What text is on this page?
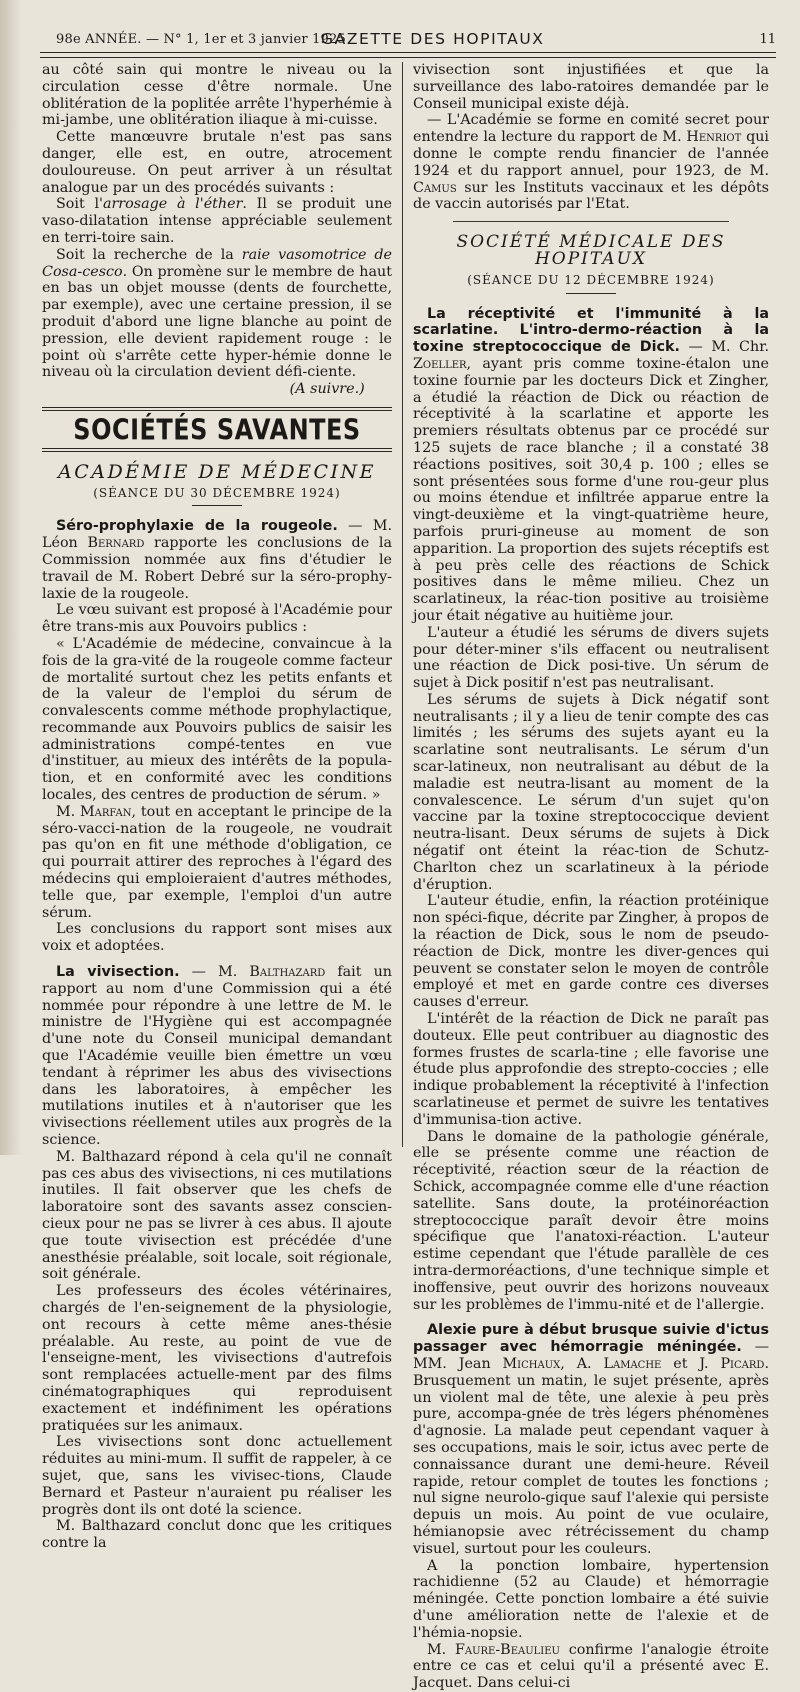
98e ANNÉE. — N° 1, 1er et 3 janvier 1925
GAZETTE DES HOPITAUX	11

au côté sain qui montre le niveau ou la circulation cesse d'être normale. Une oblitération de la poplitée arrête l'hyperhémie à mi-jambe, une oblitération iliaque à mi-cuisse.

Cette manœuvre brutale n'est pas sans danger, elle est, en outre, atrocement douloureuse. On peut arriver à un résultat analogue par un des procédés suivants :

Soit l'arrosage à l'éther. Il se produit une vaso-dilatation intense appréciable seulement en terri-toire sain.

Soit la recherche de la raie vasomotrice de Cosa-cesco. On promène sur le membre de haut en bas un objet mousse (dents de fourchette, par exemple), avec une certaine pression, il se produit d'abord une ligne blanche au point de pression, elle devient rapidement rouge : le point où s'arrête cette hyper-hémie donne le niveau où la circulation devient défi-ciente.

(A suivre.)

SOCIÉTÉS SAVANTES
ACADÉMIE DE MÉDECINE
(SÉANCE DU 30 DÉCEMBRE 1924)

Séro-prophylaxie de la rougeole. — M. Léon Bernard rapporte les conclusions de la Commission nommée aux fins d'étudier le travail de M. Robert Debré sur la séro-prophy-laxie de la rougeole.

Le vœu suivant est proposé à l'Académie pour être trans-mis aux Pouvoirs publics :

« L'Académie de médecine, convaincue à la fois de la gra-vité de la rougeole comme facteur de mortalité surtout chez les petits enfants et de la valeur de l'emploi du sérum de convalescents comme méthode prophylactique, recommande aux Pouvoirs publics de saisir les administrations compé-tentes en vue d'instituer, au mieux des intérêts de la popula-tion, et en conformité avec les conditions locales, des centres de production de sérum. »

M. Marfan, tout en acceptant le principe de la séro-vacci-nation de la rougeole, ne voudrait pas qu'on en fit une méthode d'obligation, ce qui pourrait attirer des reproches à l'égard des médecins qui emploieraient d'autres méthodes, telle que, par exemple, l'emploi d'un autre sérum.

Les conclusions du rapport sont mises aux voix et adoptées.

La vivisection. — M. Balthazard fait un rapport au nom d'une Commission qui a été nommée pour répondre à une lettre de M. le ministre de l'Hygiène qui est accompagnée d'une note du Conseil municipal demandant que l'Académie veuille bien émettre un vœu tendant à réprimer les abus des vivisections dans les laboratoires, à empêcher les mutilations inutiles et à n'autoriser que les vivisections réellement utiles aux progrès de la science.

M. Balthazard répond à cela qu'il ne connaît pas ces abus des vivisections, ni ces mutilations inutiles. Il fait observer que les chefs de laboratoire sont des savants assez conscien-cieux pour ne pas se livrer à ces abus. Il ajoute que toute vivisection est précédée d'une anesthésie préalable, soit locale, soit régionale, soit générale.

Les professeurs des écoles vétérinaires, chargés de l'en-seignement de la physiologie, ont recours à cette même anes-thésie préalable. Au reste, au point de vue de l'enseigne-ment, les vivisections d'autrefois sont remplacées actuelle-ment par des films cinématographiques qui reproduisent exactement et indéfiniment les opérations pratiquées sur les animaux.

Les vivisections sont donc actuellement réduites au mini-mum. Il suffit de rappeler, à ce sujet, que, sans les vivisec-tions, Claude Bernard et Pasteur n'auraient pu réaliser les progrès dont ils ont doté la science.

M. Balthazard conclut donc que les critiques contre la

vivisection sont injustifiées et que la surveillance des labo-ratoires demandée par le Conseil municipal existe déjà.

— L'Académie se forme en comité secret pour entendre la lecture du rapport de M. Henriot qui donne le compte rendu financier de l'année 1924 et du rapport annuel, pour 1923, de M. Camus sur les Instituts vaccinaux et les dépôts de vaccin autorisés par l'Etat.

SOCIÉTÉ MÉDICALE DES HOPITAUX
(SÉANCE DU 12 DÉCEMBRE 1924)

La réceptivité et l'immunité à la scarlatine. L'intro-dermo-réaction à la toxine streptococcique de Dick. — M. Chr. Zoeller, ayant pris comme toxine-étalon une toxine fournie par les docteurs Dick et Zingher, a étudié la réaction de Dick ou réaction de réceptivité à la scarlatine et apporte les premiers résultats obtenus par ce procédé sur 125 sujets de race blanche ; il a constaté 38 réactions positives, soit 30,4 p. 100 ; elles se sont présentées sous forme d'une rou-geur plus ou moins étendue et infiltrée apparue entre la vingt-deuxième et la vingt-quatrième heure, parfois pruri-gineuse au moment de son apparition. La proportion des sujets réceptifs est à peu près celle des réactions de Schick positives dans le même milieu. Chez un scarlatineux, la réac-tion positive au troisième jour était négative au huitième jour.

L'auteur a étudié les sérums de divers sujets pour déter-miner s'ils effacent ou neutralisent une réaction de Dick posi-tive. Un sérum de sujet à Dick positif n'est pas neutralisant.

Les sérums de sujets à Dick négatif sont neutralisants ; il y a lieu de tenir compte des cas limités ; les sérums des sujets ayant eu la scarlatine sont neutralisants. Le sérum d'un scar-latineux, non neutralisant au début de la maladie est neutra-lisant au moment de la convalescence. Le sérum d'un sujet qu'on vaccine par la toxine streptococcique devient neutra-lisant. Deux sérums de sujets à Dick négatif ont éteint la réac-tion de Schutz-Charlton chez un scarlatineux à la période d'éruption.

L'auteur étudie, enfin, la réaction protéinique non spéci-fique, décrite par Zingher, à propos de la réaction de Dick, sous le nom de pseudo-réaction de Dick, montre les diver-gences qui peuvent se constater selon le moyen de contrôle employé et met en garde contre ces diverses causes d'erreur.

L'intérêt de la réaction de Dick ne paraît pas douteux. Elle peut contribuer au diagnostic des formes frustes de scarla-tine ; elle favorise une étude plus approfondie des strepto-coccies ; elle indique probablement la réceptivité à l'infection scarlatineuse et permet de suivre les tentatives d'immunisa-tion active.

Dans le domaine de la pathologie générale, elle se présente comme une réaction de réceptivité, réaction sœur de la réaction de Schick, accompagnée comme elle d'une réaction satellite. Sans doute, la protéinoréaction streptococcique paraît devoir être moins spécifique que l'anatoxi-réaction. L'auteur estime cependant que l'étude parallèle de ces intra-dermoréactions, d'une technique simple et inoffensive, peut ouvrir des horizons nouveaux sur les problèmes de l'immu-nité et de l'allergie.

Alexie pure à début brusque suivie d'ictus passager avec hémorragie méningée. — MM. Jean Michaux, A. Lamache et J. Picard. Brusquement un matin, le sujet présente, après un violent mal de tête, une alexie à peu près pure, accompa-gnée de très légers phénomènes d'agnosie. La malade peut cependant vaquer à ses occupations, mais le soir, ictus avec perte de connaissance durant une demi-heure. Réveil rapide, retour complet de toutes les fonctions ; nul signe neurolo-gique sauf l'alexie qui persiste depuis un mois. Au point de vue oculaire, hémianopsie avec rétrécissement du champ visuel, surtout pour les couleurs.

A la ponction lombaire, hypertension rachidienne (52 au Claude) et hémorragie méningée. Cette ponction lombaire a été suivie d'une amélioration nette de l'alexie et de l'hémia-nopsie.

M. Faure-Beaulieu confirme l'analogie étroite entre ce cas et celui qu'il a présenté avec E. Jacquet. Dans celui-ci
